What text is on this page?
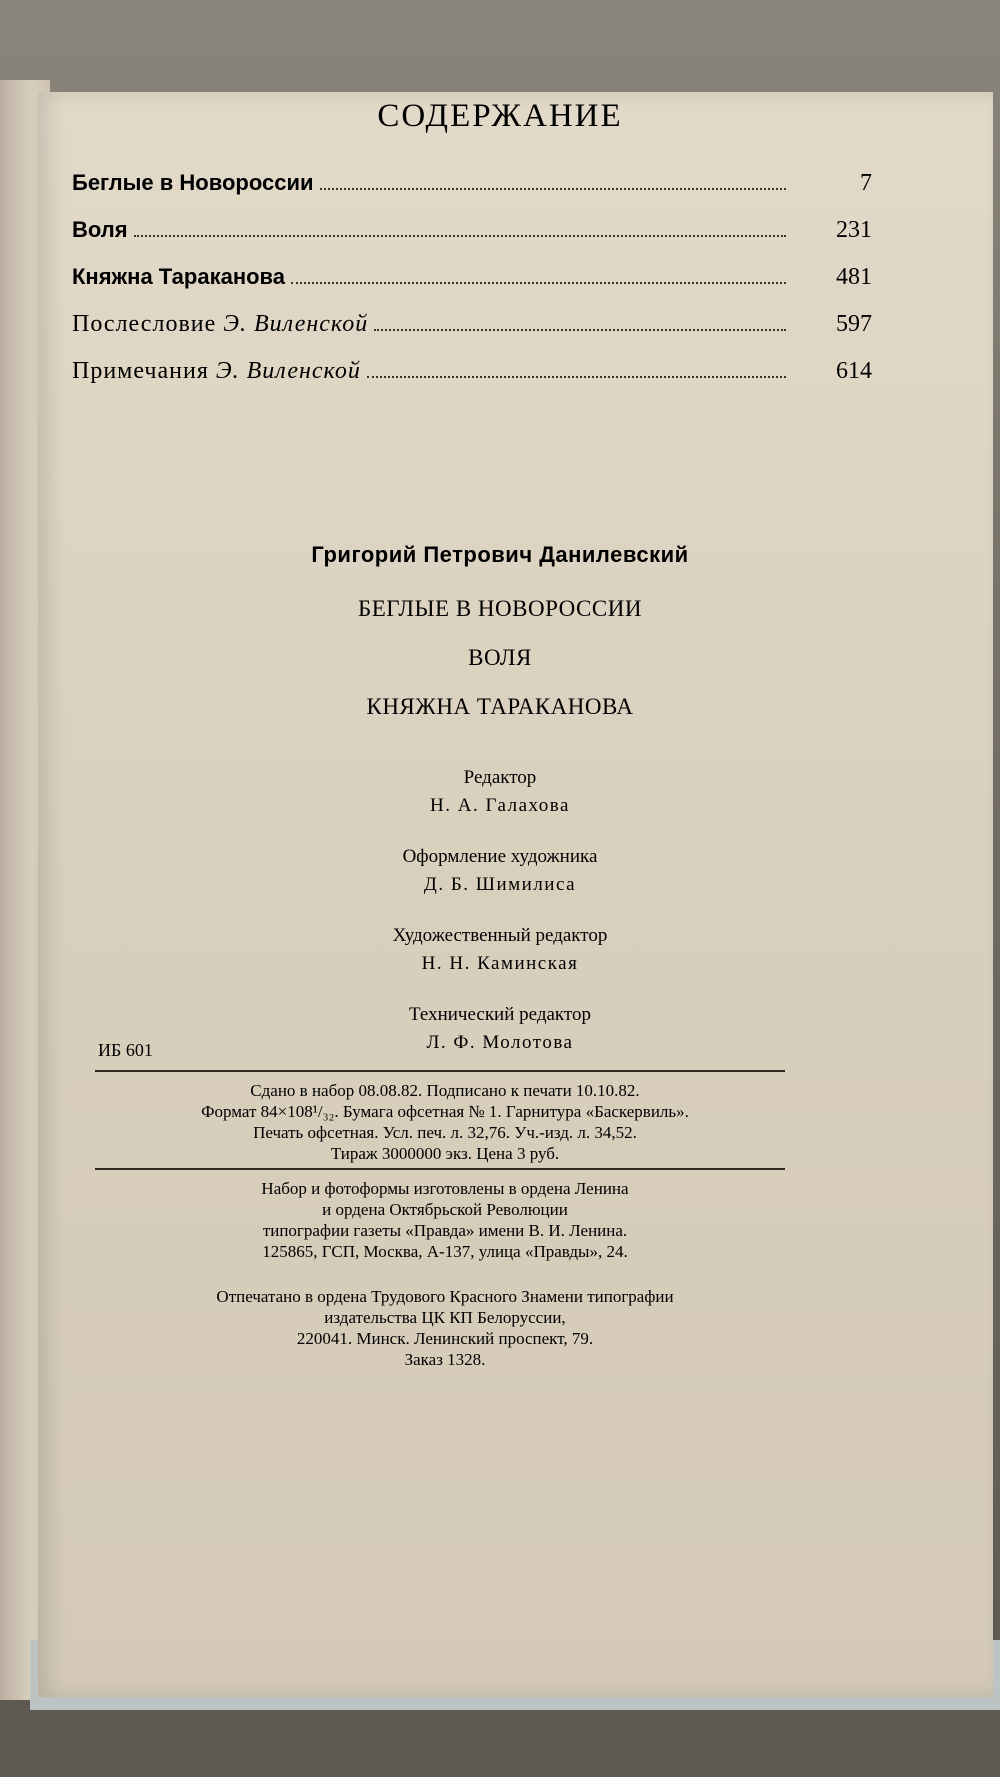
СОДЕРЖАНИЕ
Беглые в Новороссии	7
Воля	231
Княжна Тараканова	481
Послесловие Э. Виленской	597
Примечания Э. Виленской	614
Григорий Петрович Данилевский
БЕГЛЫЕ В НОВОРОССИИ
ВОЛЯ
КНЯЖНА ТАРАКАНОВА
Редактор
Н. А. Галахова
Оформление художника
Д. Б. Шимилиса
Художественный редактор
Н. Н. Каминская
Технический редактор
Л. Ф. Молотова
ИБ 601
Сдано в набор 08.08.82. Подписано к печати 10.10.82.
Формат 84×108¹/₃₂. Бумага офсетная № 1. Гарнитура «Баскервиль».
Печать офсетная. Усл. печ. л. 32,76. Уч.-изд. л. 34,52.
Тираж 3000000 экз. Цена 3 руб.
Набор и фотоформы изготовлены в ордена Ленина
и ордена Октябрьской Революции
типографии газеты «Правда» имени В. И. Ленина.
125865, ГСП, Москва, А-137, улица «Правды», 24.
Отпечатано в ордена Трудового Красного Знамени типографии
издательства ЦК КП Белоруссии,
220041. Минск. Ленинский проспект, 79.
Заказ 1328.
